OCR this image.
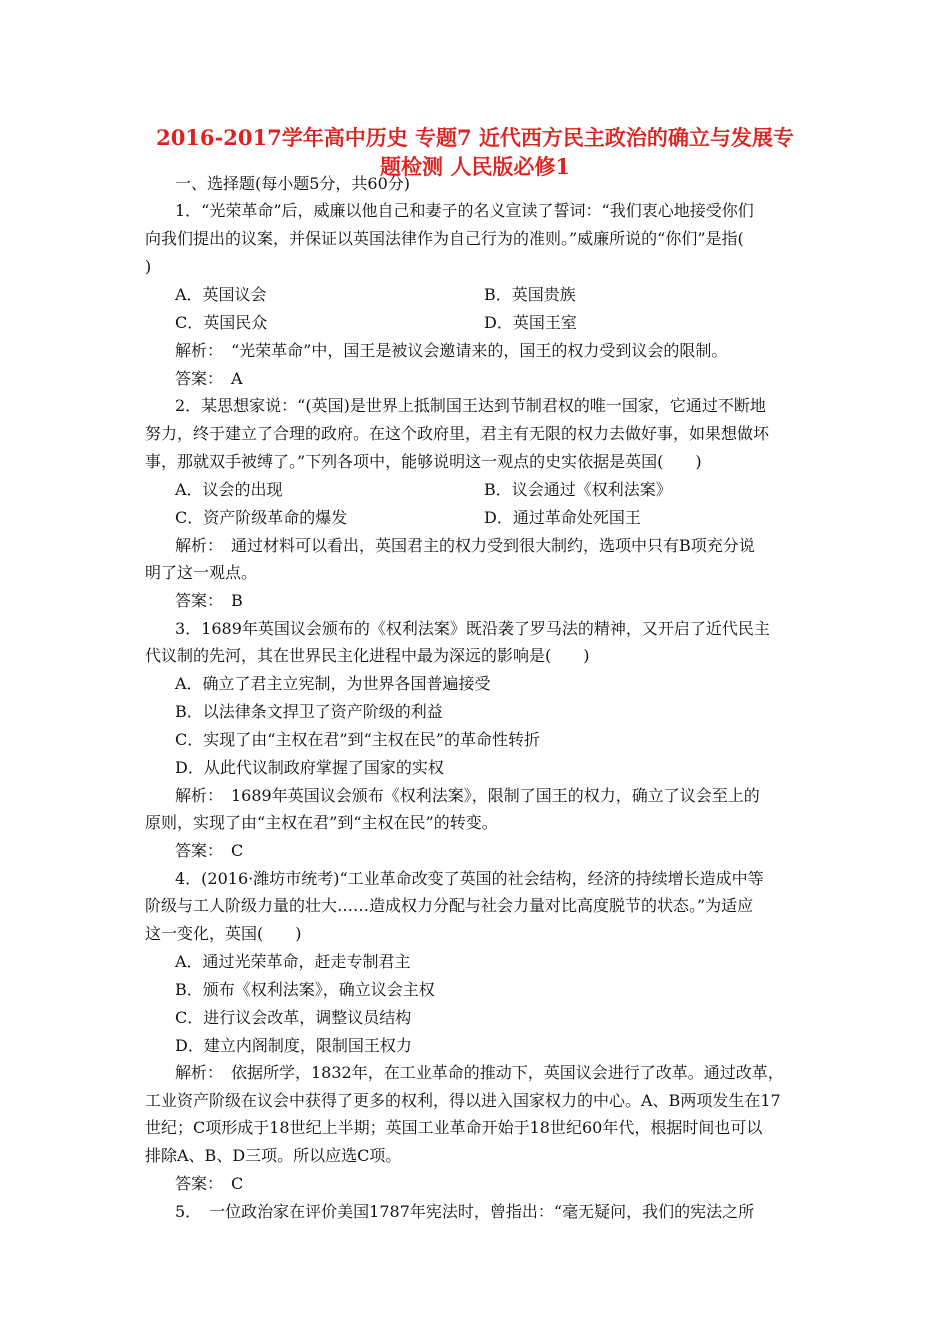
2016-2017学年高中历史 专题7 近代西方民主政治的确立与发展专
题检测 人民版必修1
一、选择题(每小题5分，共60分)
1．“光荣革命”后，威廉以他自己和妻子的名义宣读了誓词：“我们衷心地接受你们
向我们提出的议案，并保证以英国法律作为自己行为的准则。”威廉所说的“你们”是指(
)
A．英国议会	B．英国贵族
C．英国民众	D．英国王室
解析：　“光荣革命”中，国王是被议会邀请来的，国王的权力受到议会的限制。
答案：　A
2．某思想家说：“(英国)是世界上抵制国王达到节制君权的唯一国家，它通过不断地
努力，终于建立了合理的政府。在这个政府里，君主有无限的权力去做好事，如果想做坏
事，那就双手被缚了。”下列各项中，能够说明这一观点的史实依据是英国(　　)
A．议会的出现	B．议会通过《权利法案》
C．资产阶级革命的爆发	D．通过革命处死国王
解析：　通过材料可以看出，英国君主的权力受到很大制约，选项中只有B项充分说
明了这一观点。
答案：　B
3．1689年英国议会颁布的《权利法案》既沿袭了罗马法的精神，又开启了近代民主
代议制的先河，其在世界民主化进程中最为深远的影响是(　　)
A．确立了君主立宪制，为世界各国普遍接受
B．以法律条文捍卫了资产阶级的利益
C．实现了由“主权在君”到“主权在民”的革命性转折
D．从此代议制政府掌握了国家的实权
解析：　1689年英国议会颁布《权利法案》，限制了国王的权力，确立了议会至上的
原则，实现了由“主权在君”到“主权在民”的转变。
答案：　C
4．(2016·潍坊市统考)“工业革命改变了英国的社会结构，经济的持续增长造成中等
阶级与工人阶级力量的壮大……造成权力分配与社会力量对比高度脱节的状态。”为适应
这一变化，英国(　　)
A．通过光荣革命，赶走专制君主
B．颁布《权利法案》，确立议会主权
C．进行议会改革，调整议员结构
D．建立内阁制度，限制国王权力
解析：　依据所学，1832年，在工业革命的推动下，英国议会进行了改革。通过改革，
工业资产阶级在议会中获得了更多的权利，得以进入国家权力的中心。A、B两项发生在17
世纪；C项形成于18世纪上半期；英国工业革命开始于18世纪60年代，根据时间也可以
排除A、B、D三项。所以应选C项。
答案：　C
5．　一位政治家在评价美国1787年宪法时，曾指出：“毫无疑问，我们的宪法之所
